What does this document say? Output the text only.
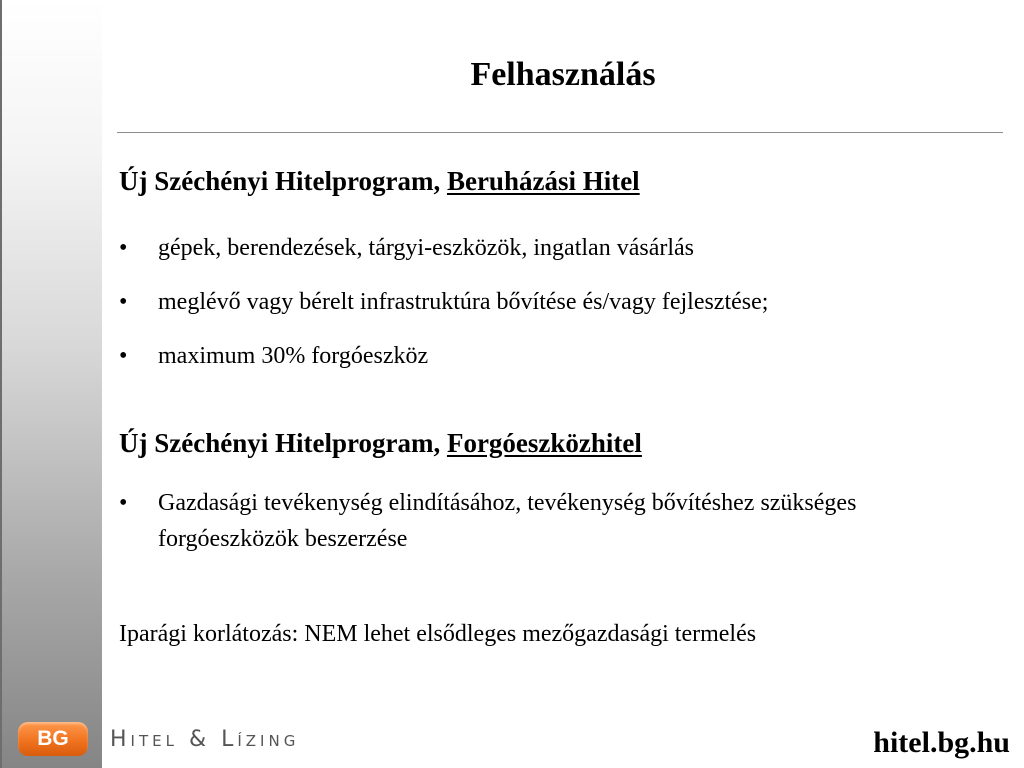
Felhasználás
Új Széchényi Hitelprogram, Beruházási Hitel
• gépek, berendezések, tárgyi-eszközök, ingatlan vásárlás
• meglévő vagy bérelt infrastruktúra bővítése és/vagy fejlesztése;
• maximum 30% forgóeszköz
Új Széchényi Hitelprogram, Forgóeszközhitel
• Gazdasági tevékenység elindításához, tevékenység bővítéshez szükséges forgóeszközök beszerzése
Iparági korlátozás: NEM lehet elsődleges mezőgazdasági termelés
BG	Hitel & Lízing	hitel.bg.hu
